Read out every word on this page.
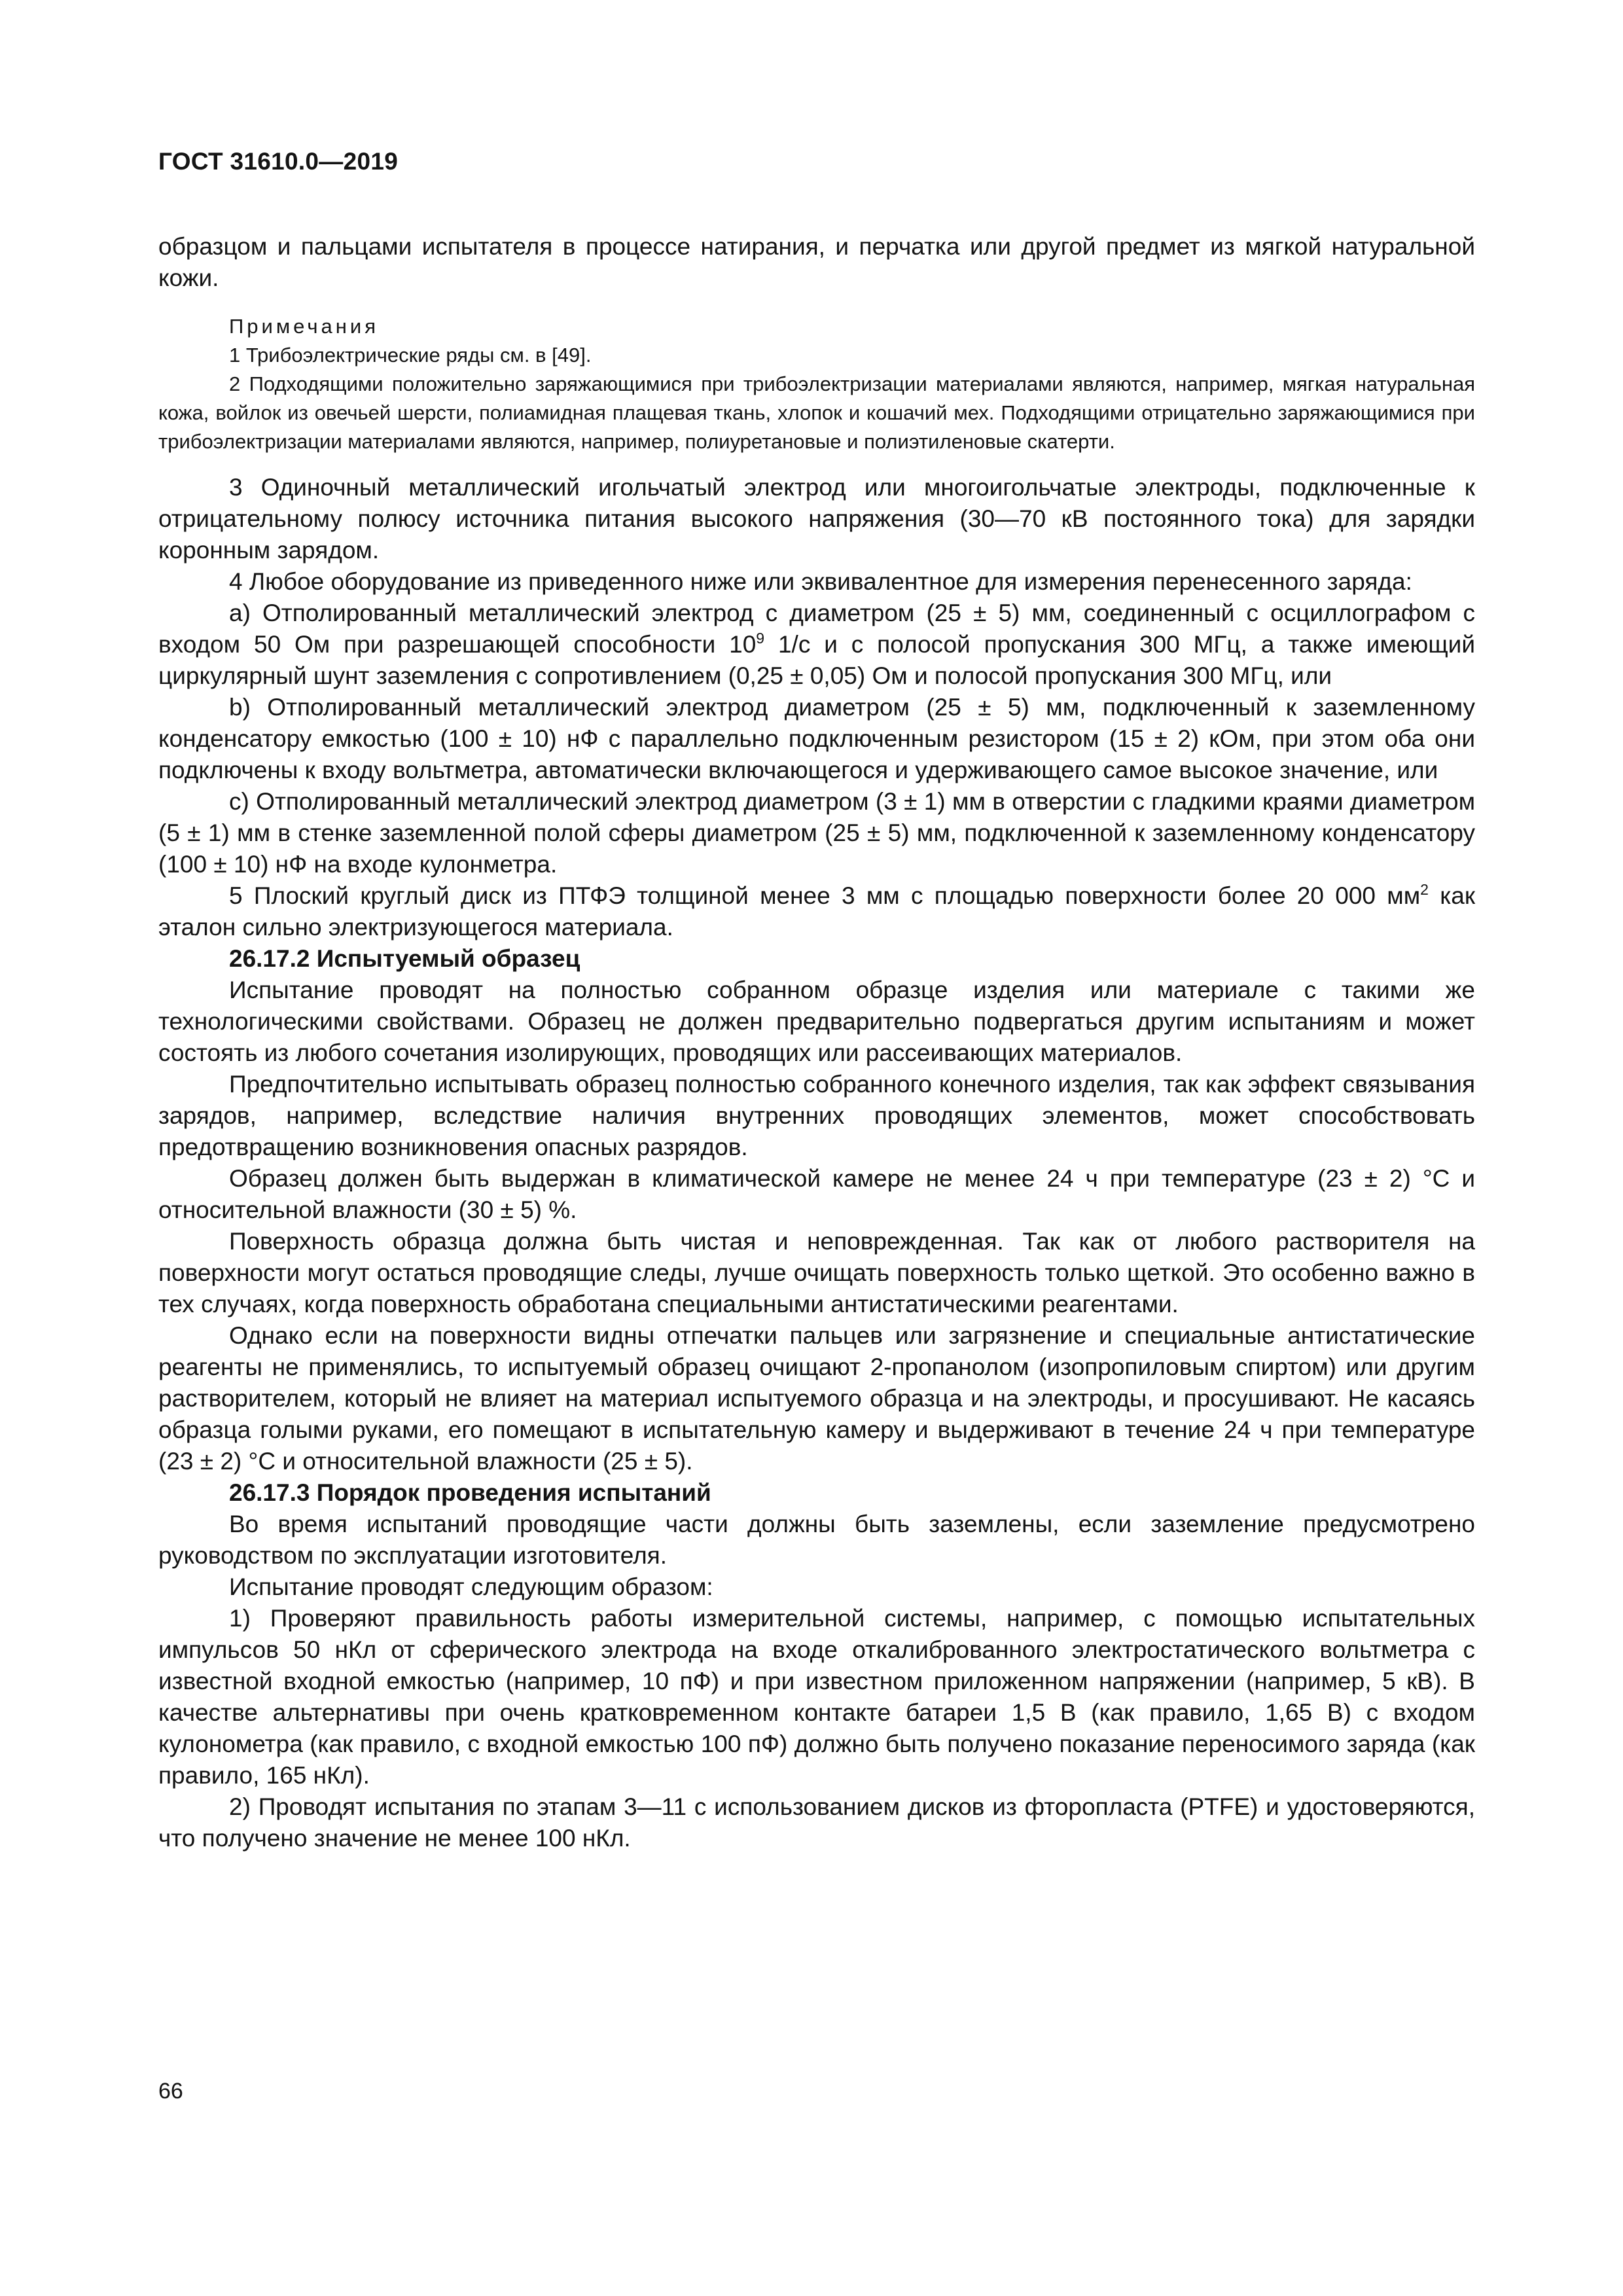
ГОСТ 31610.0—2019

образцом и пальцами испытателя в процессе натирания, и перчатка или другой предмет из мягкой натуральной кожи.

Примечания

1 Трибоэлектрические ряды см. в [49].

2 Подходящими положительно заряжающимися при трибоэлектризации материалами являются, например, мягкая натуральная кожа, войлок из овечьей шерсти, полиамидная плащевая ткань, хлопок и кошачий мех. Подходящими отрицательно заряжающимися при трибоэлектризации материалами являются, например, полиуретановые и полиэтиленовые скатерти.

3 Одиночный металлический игольчатый электрод или многоигольчатые электроды, подключенные к отрицательному полюсу источника питания высокого напряжения (30—70 кВ постоянного тока) для зарядки коронным зарядом.

4 Любое оборудование из приведенного ниже или эквивалентное для измерения перенесенного заряда:

a) Отполированный металлический электрод с диаметром (25 ± 5) мм, соединенный с осциллографом с входом 50 Ом при разрешающей способности $10^9$ 1/с и с полосой пропускания 300 МГц, а также имеющий циркулярный шунт заземления с сопротивлением (0,25 ± 0,05) Ом и полосой пропускания 300 МГц, или

b) Отполированный металлический электрод диаметром (25 ± 5) мм, подключенный к заземленному конденсатору емкостью (100 ± 10) нФ с параллельно подключенным резистором (15 ± 2) кОм, при этом оба они подключены к входу вольтметра, автоматически включающегося и удерживающего самое высокое значение, или

c) Отполированный металлический электрод диаметром (3 ± 1) мм в отверстии с гладкими краями диаметром (5 ± 1) мм в стенке заземленной полой сферы диаметром (25 ± 5) мм, подключенной к заземленному конденсатору (100 ± 10) нФ на входе кулонметра.

5 Плоский круглый диск из ПТФЭ толщиной менее 3 мм с площадью поверхности более 20 000 $мм^2$ как эталон сильно электризующегося материала.

26.17.2 Испытуемый образец

Испытание проводят на полностью собранном образце изделия или материале с такими же технологическими свойствами. Образец не должен предварительно подвергаться другим испытаниям и может состоять из любого сочетания изолирующих, проводящих или рассеивающих материалов.

Предпочтительно испытывать образец полностью собранного конечного изделия, так как эффект связывания зарядов, например, вследствие наличия внутренних проводящих элементов, может способствовать предотвращению возникновения опасных разрядов.

Образец должен быть выдержан в климатической камере не менее 24 ч при температуре (23 ± 2) °С и относительной влажности (30 ± 5) %.

Поверхность образца должна быть чистая и неповрежденная. Так как от любого растворителя на поверхности могут остаться проводящие следы, лучше очищать поверхность только щеткой. Это особенно важно в тех случаях, когда поверхность обработана специальными антистатическими реагентами.

Однако если на поверхности видны отпечатки пальцев или загрязнение и специальные антистатические реагенты не применялись, то испытуемый образец очищают 2-пропанолом (изопропиловым спиртом) или другим растворителем, который не влияет на материал испытуемого образца и на электроды, и просушивают. Не касаясь образца голыми руками, его помещают в испытательную камеру и выдерживают в течение 24 ч при температуре (23 ± 2) °С и относительной влажности (25 ± 5).

26.17.3 Порядок проведения испытаний

Во время испытаний проводящие части должны быть заземлены, если заземление предусмотрено руководством по эксплуатации изготовителя.

Испытание проводят следующим образом:

1) Проверяют правильность работы измерительной системы, например, с помощью испытательных импульсов 50 нКл от сферического электрода на входе откалиброванного электростатического вольтметра с известной входной емкостью (например, 10 пФ) и при известном приложенном напряжении (например, 5 кВ). В качестве альтернативы при очень кратковременном контакте батареи 1,5 В (как правило, 1,65 В) с входом кулонометра (как правило, с входной емкостью 100 пФ) должно быть получено показание переносимого заряда (как правило, 165 нКл).

2) Проводят испытания по этапам 3—11 с использованием дисков из фторопласта (PTFE) и удостоверяются, что получено значение не менее 100 нКл.

66
